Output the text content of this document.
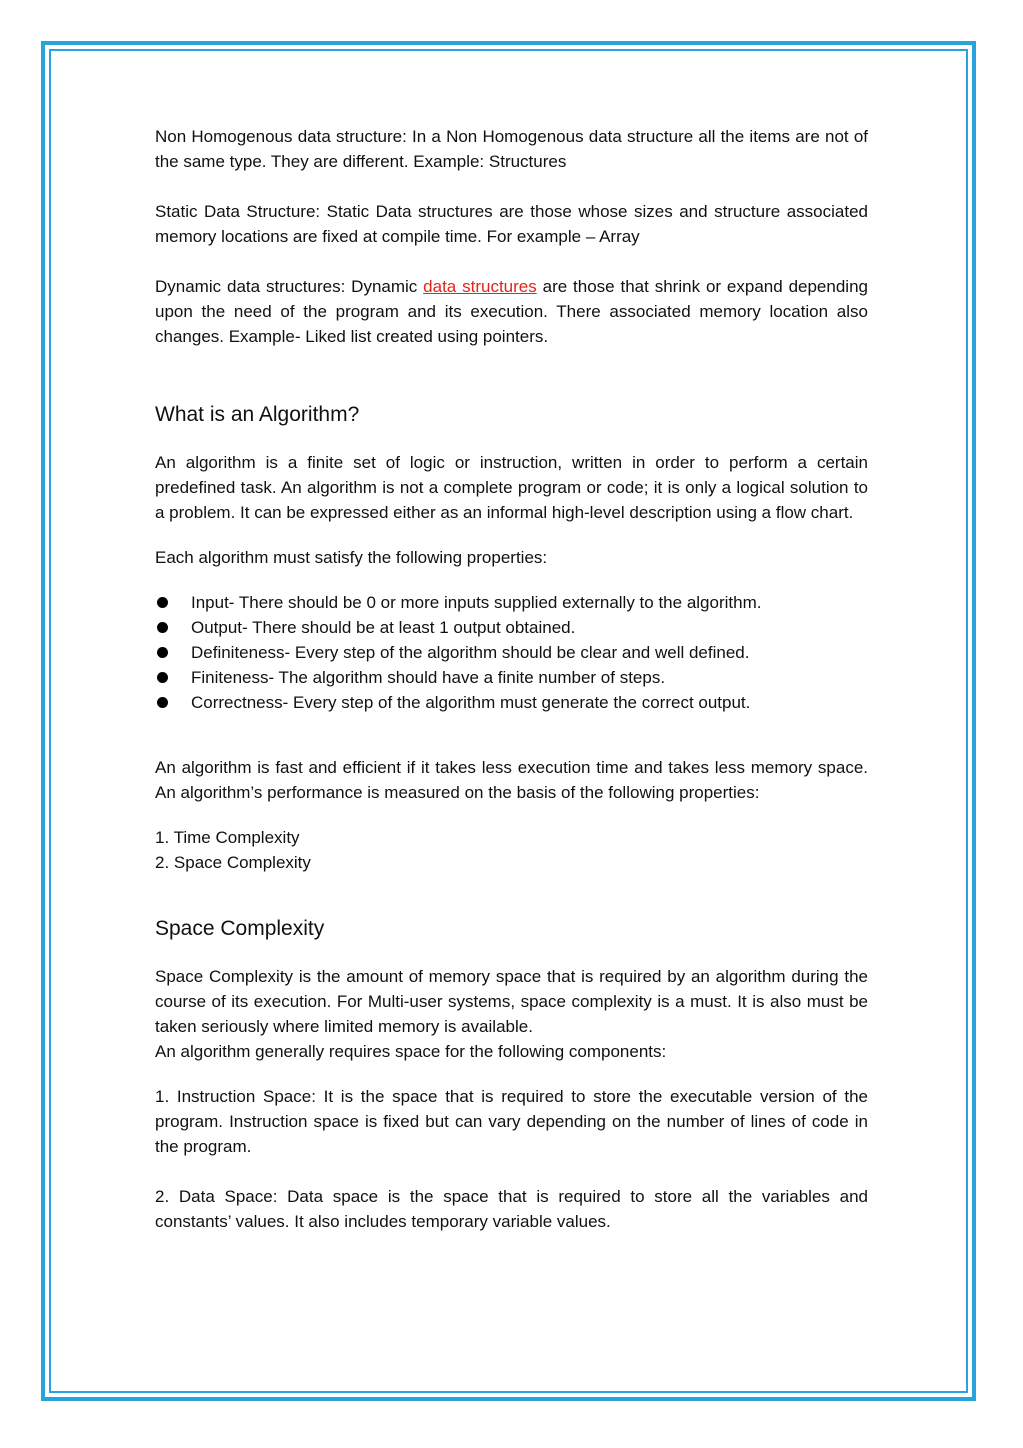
Non Homogenous data structure: In a Non Homogenous data structure all the items are not of the same type. They are different. Example: Structures

Static Data Structure: Static Data structures are those whose sizes and structure associated memory locations are fixed at compile time. For example – Array

Dynamic data structures: Dynamic data structures are those that shrink or expand depending upon the need of the program and its execution. There associated memory location also changes. Example- Liked list created using pointers.

What is an Algorithm?

An algorithm is a finite set of logic or instruction, written in order to perform a certain predefined task. An algorithm is not a complete program or code; it is only a logical solution to a problem. It can be expressed either as an informal high-level description using a flow chart.

Each algorithm must satisfy the following properties:

Input- There should be 0 or more inputs supplied externally to the algorithm.
Output- There should be at least 1 output obtained.
Definiteness- Every step of the algorithm should be clear and well defined.
Finiteness- The algorithm should have a finite number of steps.
Correctness- Every step of the algorithm must generate the correct output.

An algorithm is fast and efficient if it takes less execution time and takes less memory space. An algorithm’s performance is measured on the basis of the following properties:

1. Time Complexity
2. Space Complexity
Space Complexity

Space Complexity is the amount of memory space that is required by an algorithm during the course of its execution. For Multi-user systems, space complexity is a must. It is also must be taken seriously where limited memory is available.

An algorithm generally requires space for the following components:

1. Instruction Space: It is the space that is required to store the executable version of the program. Instruction space is fixed but can vary depending on the number of lines of code in the program.

2. Data Space: Data space is the space that is required to store all the variables and constants’ values. It also includes temporary variable values.
